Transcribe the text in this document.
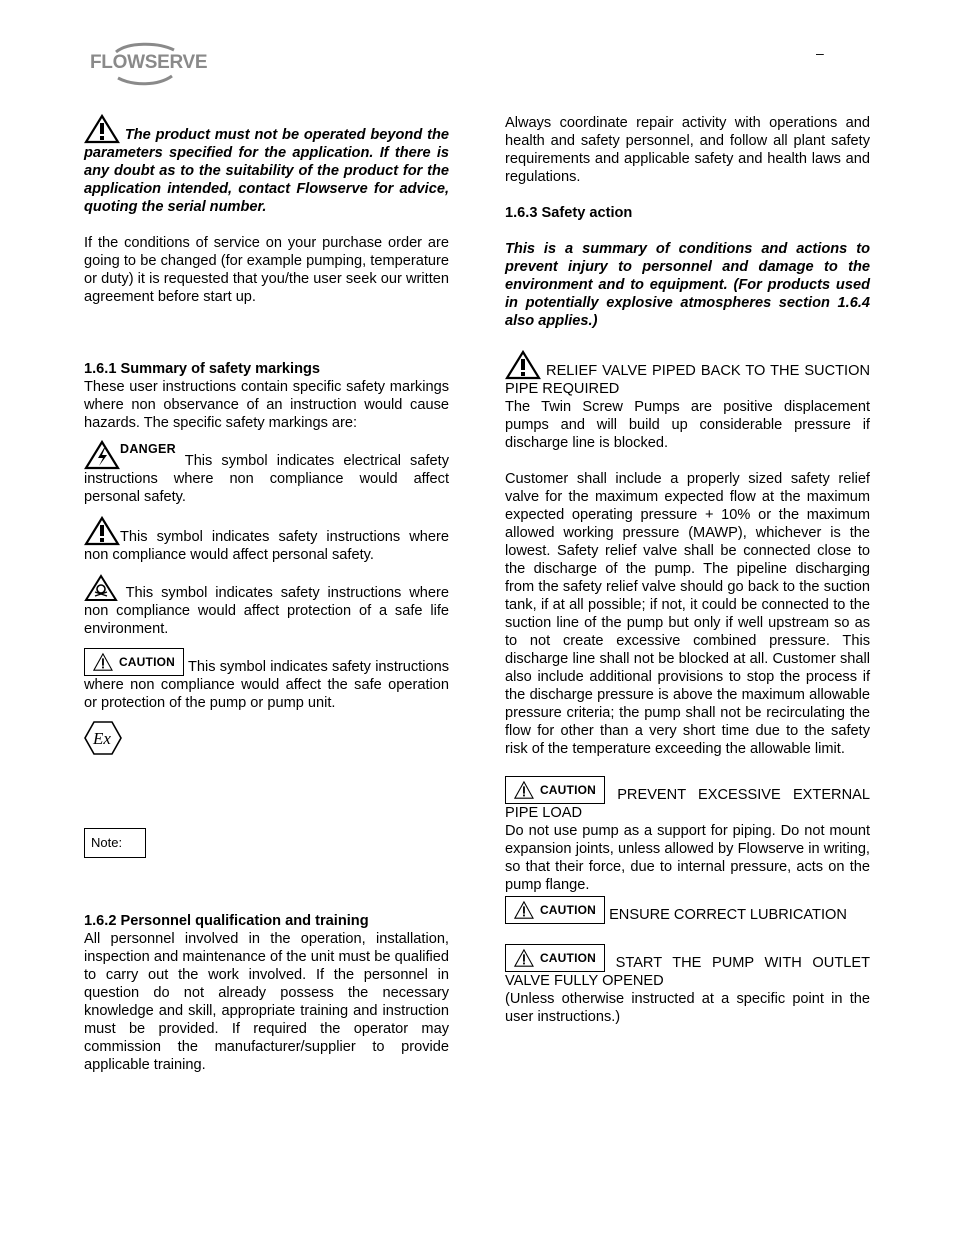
FLOWSERVE	–

The product must not be operated beyond the parameters specified for the application. If there is any doubt as to the suitability of the product for the application intended, contact Flowserve for advice, quoting the serial number.

If the conditions of service on your purchase order are going to be changed (for example pumping, temperature or duty) it is requested that you/the user seek our written agreement before start up.

1.6.1 Summary of safety markings

These user instructions contain specific safety markings where non observance of an instruction would cause hazards. The specific safety markings are:

DANGER This symbol indicates electrical safety instructions where non compliance would affect personal safety.

This symbol indicates safety instructions where non compliance would affect personal safety.

This symbol indicates safety instructions where non compliance would affect protection of a safe life environment.

CAUTION This symbol indicates safety instructions where non compliance would affect the safe operation or protection of the pump or pump unit.

Ex
Note:

1.6.2 Personnel qualification and training

All personnel involved in the operation, installation, inspection and maintenance of the unit must be qualified to carry out the work involved. If the personnel in question do not already possess the necessary knowledge and skill, appropriate training and instruction must be provided. If required the operator may commission the manufacturer/supplier to provide applicable training.

Always coordinate repair activity with operations and health and safety personnel, and follow all plant safety requirements and applicable safety and health laws and regulations.

1.6.3 Safety action

This is a summary of conditions and actions to prevent injury to personnel and damage to the environment and to equipment. (For products used in potentially explosive atmospheres section 1.6.4 also applies.)

RELIEF VALVE PIPED BACK TO THE SUCTION PIPE REQUIRED

The Twin Screw Pumps are positive displacement pumps and will build up considerable pressure if discharge line is blocked.

Customer shall include a properly sized safety relief valve for the maximum expected flow at the maximum expected operating pressure + 10% or the maximum allowed working pressure (MAWP), whichever is the lowest. Safety relief valve shall be connected close to the discharge of the pump. The pipeline discharging from the safety relief valve should go back to the suction tank, if at all possible; if not, it could be connected to the suction line of the pump but only if well upstream so as to not create excessive combined pressure. This discharge line shall not be blocked at all. Customer shall also include additional provisions to stop the process if the discharge pressure is above the maximum allowable pressure criteria; the pump shall not be recirculating the flow for other than a very short time due to the safety risk of the temperature exceeding the allowable limit.

CAUTION PREVENT EXCESSIVE EXTERNAL PIPE LOAD

Do not use pump as a support for piping. Do not mount expansion joints, unless allowed by Flowserve in writing, so that their force, due to internal pressure, acts on the pump flange.

CAUTION ENSURE CORRECT LUBRICATION

CAUTION START THE PUMP WITH OUTLET VALVE FULLY OPENED

(Unless otherwise instructed at a specific point in the user instructions.)
